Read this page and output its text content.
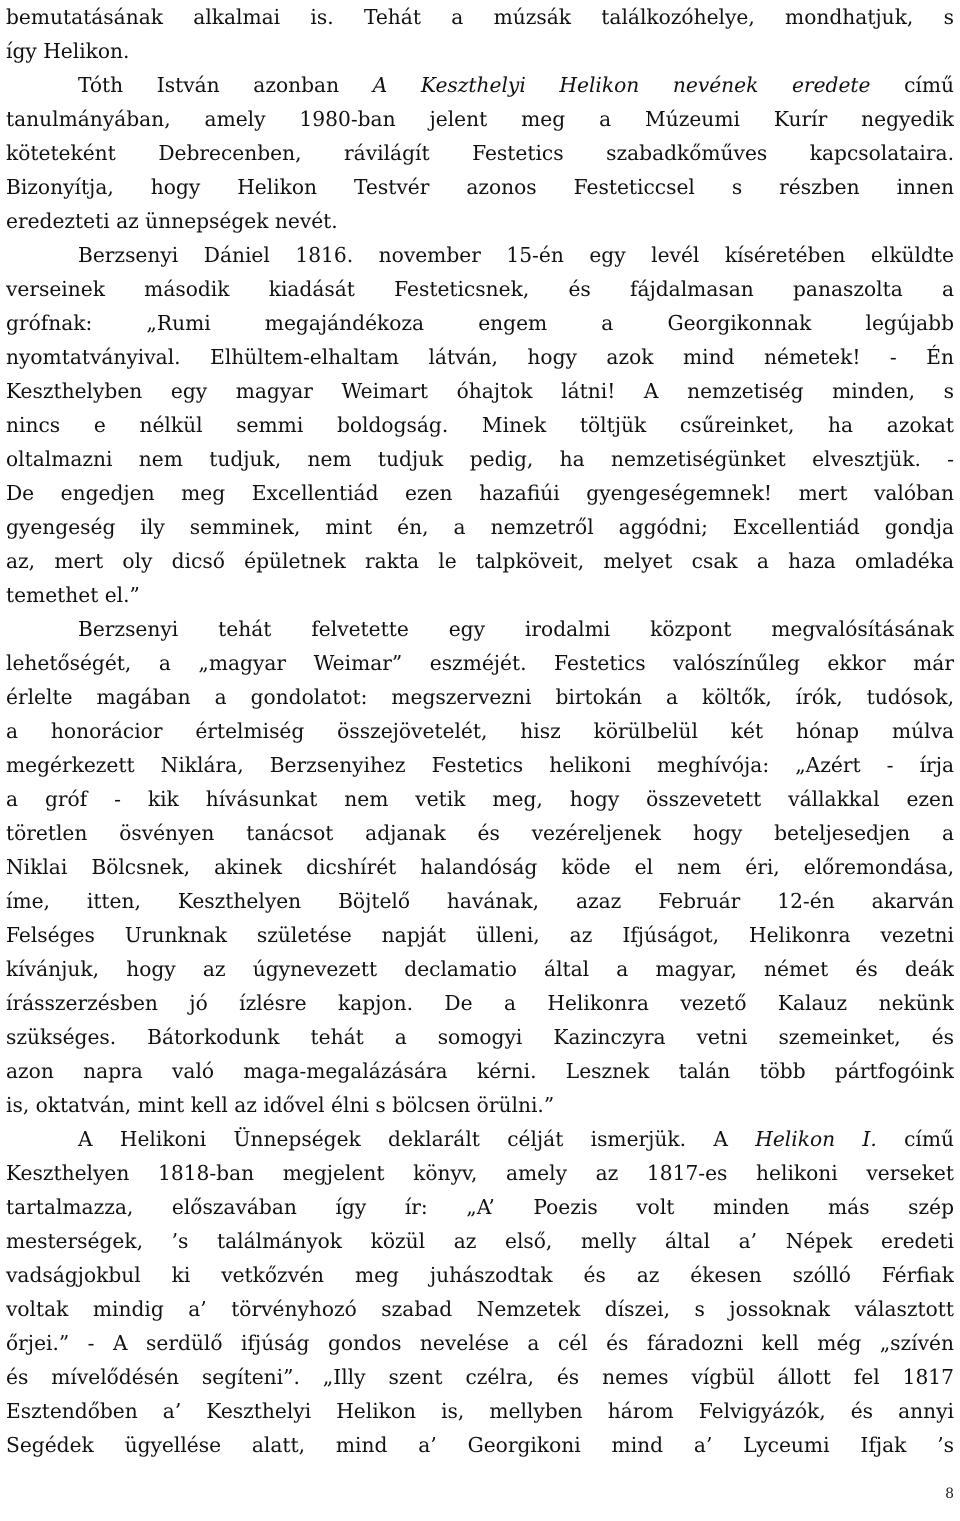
bemutatásának alkalmai is. Tehát a múzsák találkozóhelye, mondhatjuk, s
így Helikon.
Tóth István azonban A Keszthelyi Helikon nevének eredete című
tanulmányában, amely 1980-ban jelent meg a Múzeumi Kurír negyedik
köteteként Debrecenben, rávilágít Festetics szabadkőműves kapcsolataira.
Bizonyítja, hogy Helikon Testvér azonos Festeticcsel s részben innen
eredezteti az ünnepségek nevét.
Berzsenyi Dániel 1816. november 15-én egy levél kíséretében elküldte
verseinek második kiadását Festeticsnek, és fájdalmasan panaszolta a
grófnak: „Rumi megajándékoza engem a Georgikonnak legújabb
nyomtatványival. Elhültem-elhaltam látván, hogy azok mind németek! - Én
Keszthelyben egy magyar Weimart óhajtok látni! A nemzetiség minden, s
nincs e nélkül semmi boldogság. Minek töltjük csűreinket, ha azokat
oltalmazni nem tudjuk, nem tudjuk pedig, ha nemzetiségünket elvesztjük. -
De engedjen meg Excellentiád ezen hazafiúi gyengeségemnek! mert valóban
gyengeség ily semminek, mint én, a nemzetről aggódni; Excellentiád gondja
az, mert oly dicső épületnek rakta le talpköveit, melyet csak a haza omladéka
temethet el.”
Berzsenyi tehát felvetette egy irodalmi központ megvalósításának
lehetőségét, a „magyar Weimar” eszméjét. Festetics valószínűleg ekkor már
érlelte magában a gondolatot: megszervezni birtokán a költők, írók, tudósok,
a honorácior értelmiség összejövetelét, hisz körülbelül két hónap múlva
megérkezett Niklára, Berzsenyihez Festetics helikoni meghívója: „Azért - írja
a gróf - kik hívásunkat nem vetik meg, hogy összevetett vállakkal ezen
töretlen ösvényen tanácsot adjanak és vezéreljenek hogy beteljesedjen a
Niklai Bölcsnek, akinek dicshírét halandóság köde el nem éri, előremondása,
íme, itten, Keszthelyen Böjtelő havának, azaz Február 12-én akarván
Felséges Urunknak születése napját ülleni, az Ifjúságot, Helikonra vezetni
kívánjuk, hogy az úgynevezett declamatio által a magyar, német és deák
írásszerzésben jó ízlésre kapjon. De a Helikonra vezető Kalauz nekünk
szükséges. Bátorkodunk tehát a somogyi Kazinczyra vetni szemeinket, és
azon napra való maga-megalázására kérni. Lesznek talán több pártfogóink
is, oktatván, mint kell az idővel élni s bölcsen örülni.”
A Helikoni Ünnepségek deklarált célját ismerjük. A Helikon I. című
Keszthelyen 1818-ban megjelent könyv, amely az 1817-es helikoni verseket
tartalmazza, előszavában így ír: „A’ Poezis volt minden más szép
mesterségek, ’s találmányok közül az első, melly által a’ Népek eredeti
vadságjokbul ki vetkőzvén meg juhászodtak és az ékesen szólló Férfiak
voltak mindig a’ törvényhozó szabad Nemzetek díszei, s jossoknak választott
őrjei.” - A serdülő ifjúság gondos nevelése a cél és fáradozni kell még „szívén
és mívelődésén segíteni”. „Illy szent czélra, és nemes vígbül állott fel 1817
Esztendőben a’ Keszthelyi Helikon is, mellyben három Felvigyázók, és annyi
Segédek ügyellése alatt, mind a’ Georgikoni mind a’ Lyceumi Ifjak ’s
8
